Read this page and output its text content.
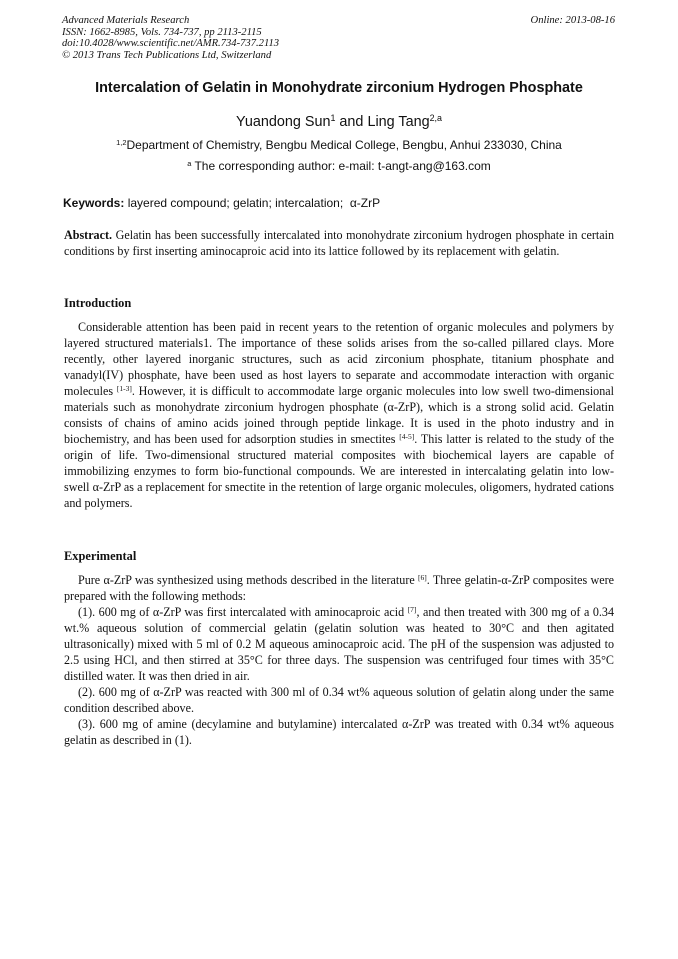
Advanced Materials Research
ISSN: 1662-8985, Vols. 734-737, pp 2113-2115
doi:10.4028/www.scientific.net/AMR.734-737.2113
© 2013 Trans Tech Publications Ltd, Switzerland
Online: 2013-08-16
Intercalation of Gelatin in Monohydrate zirconium Hydrogen Phosphate
Yuandong Sun$^1$ and Ling Tang$^{2,a}$
$^{1,2}$Department of Chemistry, Bengbu Medical College, Bengbu, Anhui 233030, China
$^a$ The corresponding author: e-mail: t-angt-ang@163.com
Keywords: layered compound; gelatin; intercalation;  α-ZrP

Abstract. Gelatin has been successfully intercalated into monohydrate zirconium hydrogen phosphate in certain conditions by first inserting aminocaproic acid into its lattice followed by its replacement with gelatin.

Introduction

Considerable attention has been paid in recent years to the retention of organic molecules and polymers by layered structured materials1. The importance of these solids arises from the so-called pillared clays. More recently, other layered inorganic structures, such as acid zirconium phosphate, titanium phosphate and vanadyl(IV) phosphate, have been used as host layers to separate and accommodate interaction with organic molecules [1-3]. However, it is difficult to accommodate large organic molecules into low swell two-dimensional materials such as monohydrate zirconium hydrogen phosphate (α-ZrP), which is a strong solid acid. Gelatin consists of chains of amino acids joined through peptide linkage. It is used in the photo industry and in biochemistry, and has been used for adsorption studies in smectites [4-5]. This latter is related to the study of the origin of life. Two-dimensional structured material composites with biochemical layers are capable of immobilizing enzymes to form bio-functional compounds. We are interested in intercalating gelatin into low-swell α-ZrP as a replacement for smectite in the retention of large organic molecules, oligomers, hydrated cations and polymers.

Experimental

Pure α-ZrP was synthesized using methods described in the literature [6]. Three gelatin-α-ZrP composites were prepared with the following methods:

(1). 600 mg of α-ZrP was first intercalated with aminocaproic acid [7], and then treated with 300 mg of a 0.34 wt.% aqueous solution of commercial gelatin (gelatin solution was heated to 30°C and then agitated ultrasonically) mixed with 5 ml of 0.2 M aqueous aminocaproic acid. The pH of the suspension was adjusted to 2.5 using HCl, and then stirred at 35°C for three days. The suspension was centrifuged four times with 35°C distilled water. It was then dried in air.

(2). 600 mg of α-ZrP was reacted with 300 ml of 0.34 wt% aqueous solution of gelatin along under the same condition described above.

(3). 600 mg of amine (decylamine and butylamine) intercalated α-ZrP was treated with 0.34 wt% aqueous gelatin as described in (1).
